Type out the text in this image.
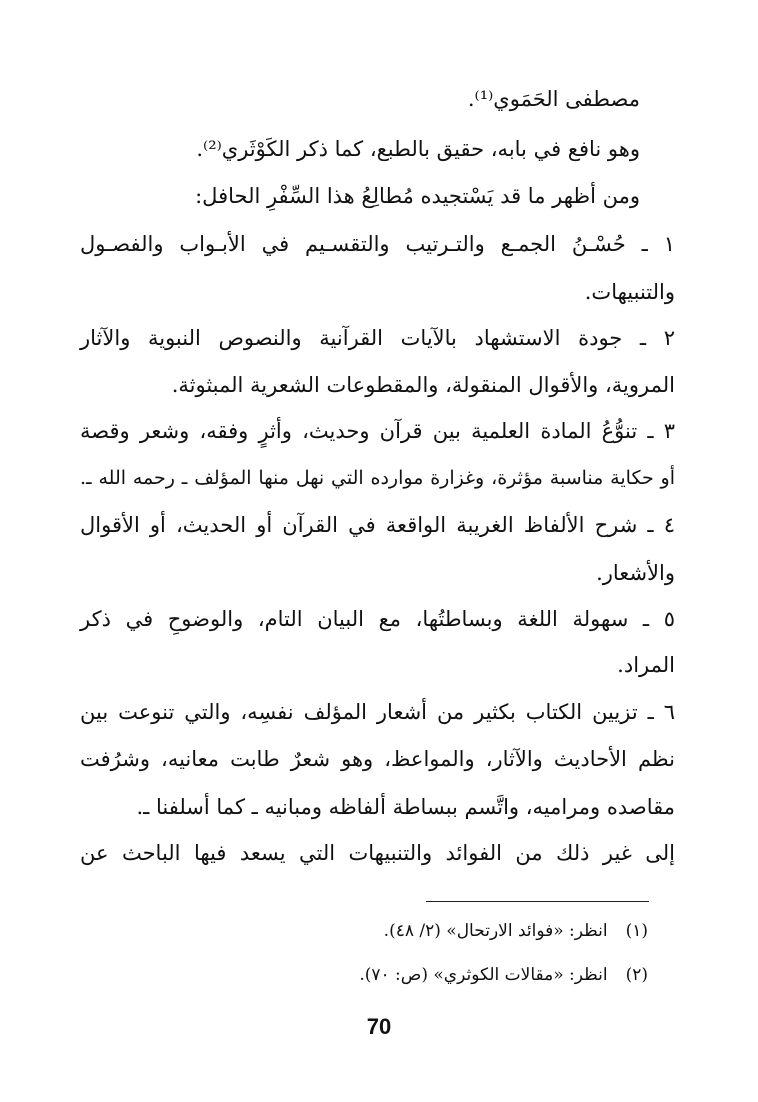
مصطفى الحَمَوي⁽¹⁾.
وهو نافع في بابه، حقيق بالطبع، كما ذكر الكَوْثَري⁽²⁾.
ومن أظهر ما قد يَسْتجيده مُطالِعُ هذا السِّفْرِ الحافل:
١ ـ حُسْـنُ الجمـع والتـرتيب والتقسـيم في الأبـواب والفصـول
والتنبيهات.
٢ ـ جودة الاستشهاد بالآيات القرآنية والنصوص النبوية والآثار
المروية، والأقوال المنقولة، والمقطوعات الشعرية المبثوثة.
٣ ـ تنوُّعُ المادة العلمية بين قرآن وحديث، وأثرٍ وفقه، وشعر وقصة
أو حكاية مناسبة مؤثرة، وغزارة موارده التي نهل منها المؤلف ـ رحمه الله ـ.
٤ ـ شرح الألفاظ الغريبة الواقعة في القرآن أو الحديث، أو الأقوال
والأشعار.
٥ ـ سهولة اللغة وبساطتُها، مع البيان التام، والوضوحِ في ذكر
المراد.
٦ ـ تزيين الكتاب بكثير من أشعار المؤلف نفسِه، والتي تنوعت بين
نظم الأحاديث والآثار، والمواعظ، وهو شعرٌ طابت معانيه، وشرُفت
مقاصده ومراميه، واتَّسم ببساطة ألفاظه ومبانيه ـ كما أسلفنا ـ.
إلى غير ذلك من الفوائد والتنبيهات التي يسعد فيها الباحث عن
(١)انظر: «فوائد الارتحال» (٢/ ٤٨).
(٢)انظر: «مقالات الكوثري» (ص: ٧٠).
70
